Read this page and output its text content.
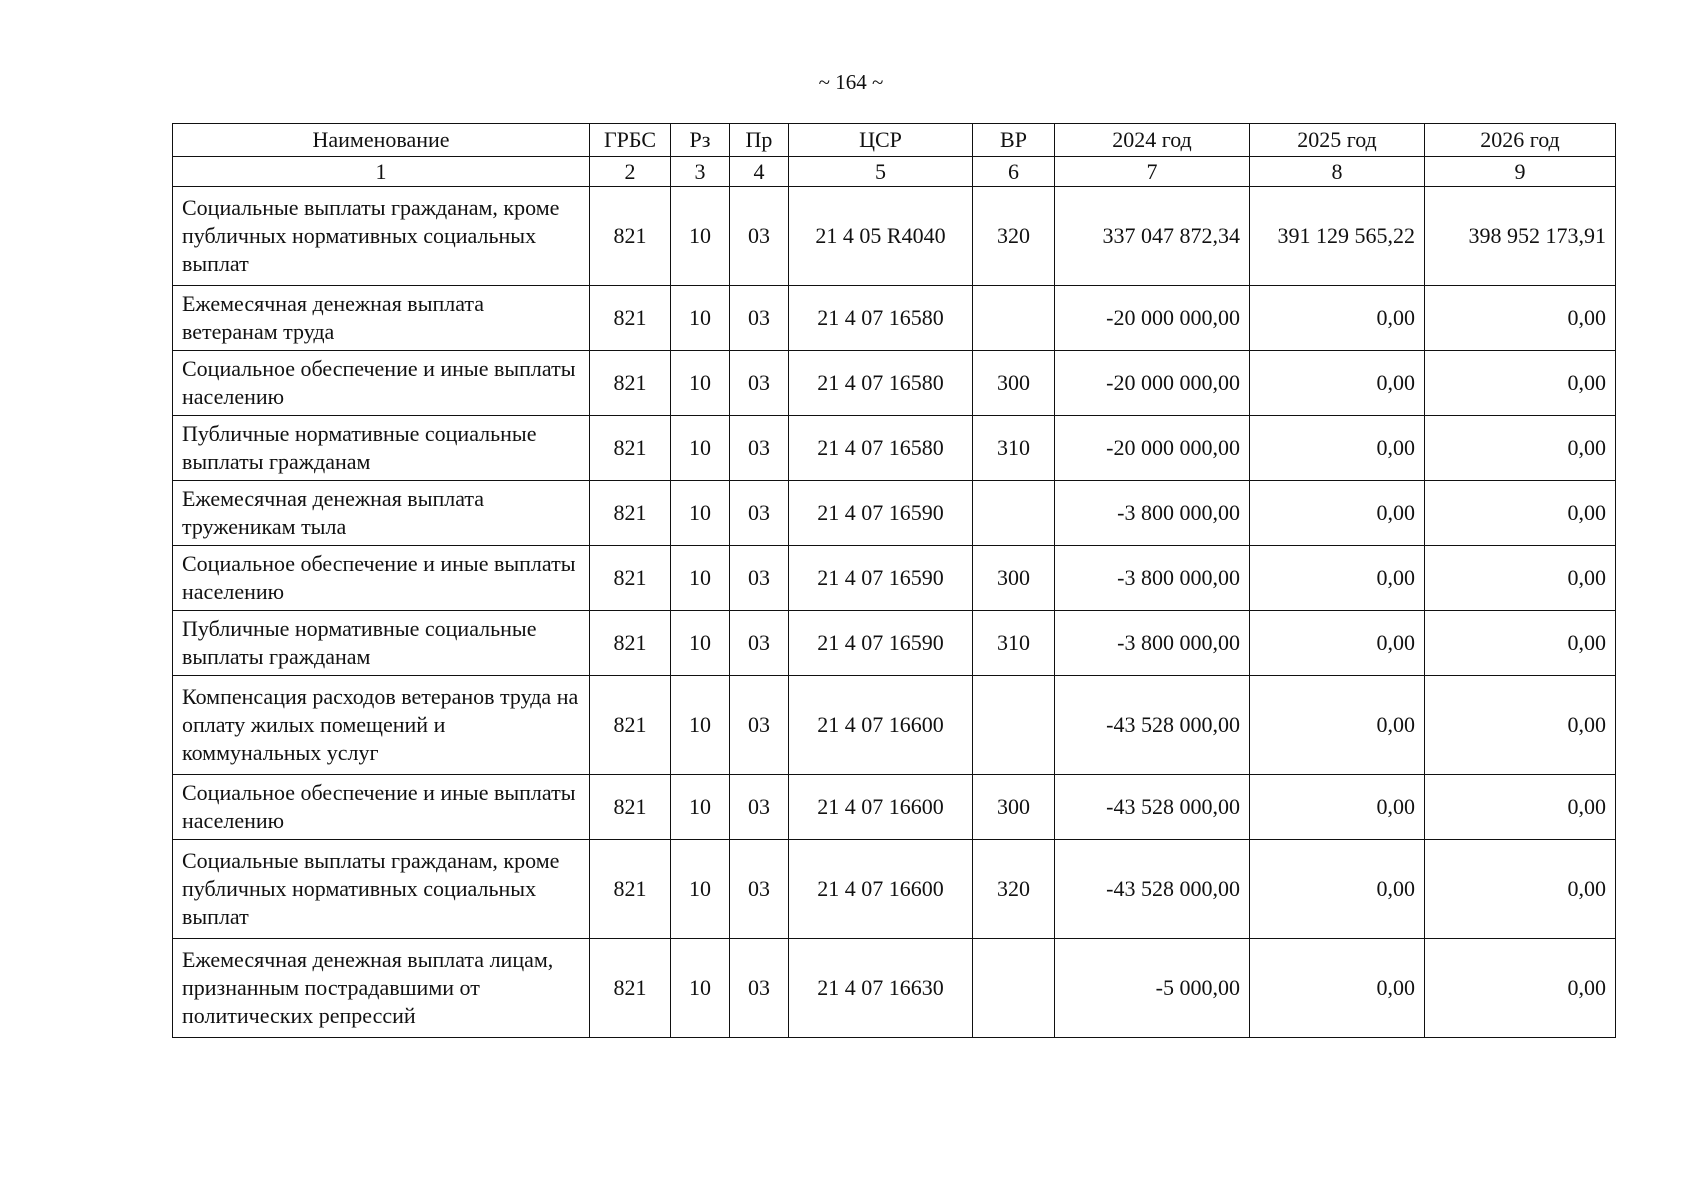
~ 164 ~
Наименование	ГРБС	Рз	Пр	ЦСР	ВР	2024 год	2025 год	2026 год
1	2	3	4	5	6	7	8	9
Социальные выплаты гражданам, кроме публичных нормативных социальных выплат	821	10	03	21 4 05 R4040	320	337 047 872,34	391 129 565,22	398 952 173,91
Ежемесячная денежная выплата ветеранам труда	821	10	03	21 4 07 16580		-20 000 000,00	0,00	0,00
Социальное обеспечение и иные выплаты населению	821	10	03	21 4 07 16580	300	-20 000 000,00	0,00	0,00
Публичные нормативные социальные выплаты гражданам	821	10	03	21 4 07 16580	310	-20 000 000,00	0,00	0,00
Ежемесячная денежная выплата труженикам тыла	821	10	03	21 4 07 16590		-3 800 000,00	0,00	0,00
Социальное обеспечение и иные выплаты населению	821	10	03	21 4 07 16590	300	-3 800 000,00	0,00	0,00
Публичные нормативные социальные выплаты гражданам	821	10	03	21 4 07 16590	310	-3 800 000,00	0,00	0,00
Компенсация расходов ветеранов труда на оплату жилых помещений и коммунальных услуг	821	10	03	21 4 07 16600		-43 528 000,00	0,00	0,00
Социальное обеспечение и иные выплаты населению	821	10	03	21 4 07 16600	300	-43 528 000,00	0,00	0,00
Социальные выплаты гражданам, кроме публичных нормативных социальных выплат	821	10	03	21 4 07 16600	320	-43 528 000,00	0,00	0,00
Ежемесячная денежная выплата лицам, признанным пострадавшими от политических репрессий	821	10	03	21 4 07 16630		-5 000,00	0,00	0,00
